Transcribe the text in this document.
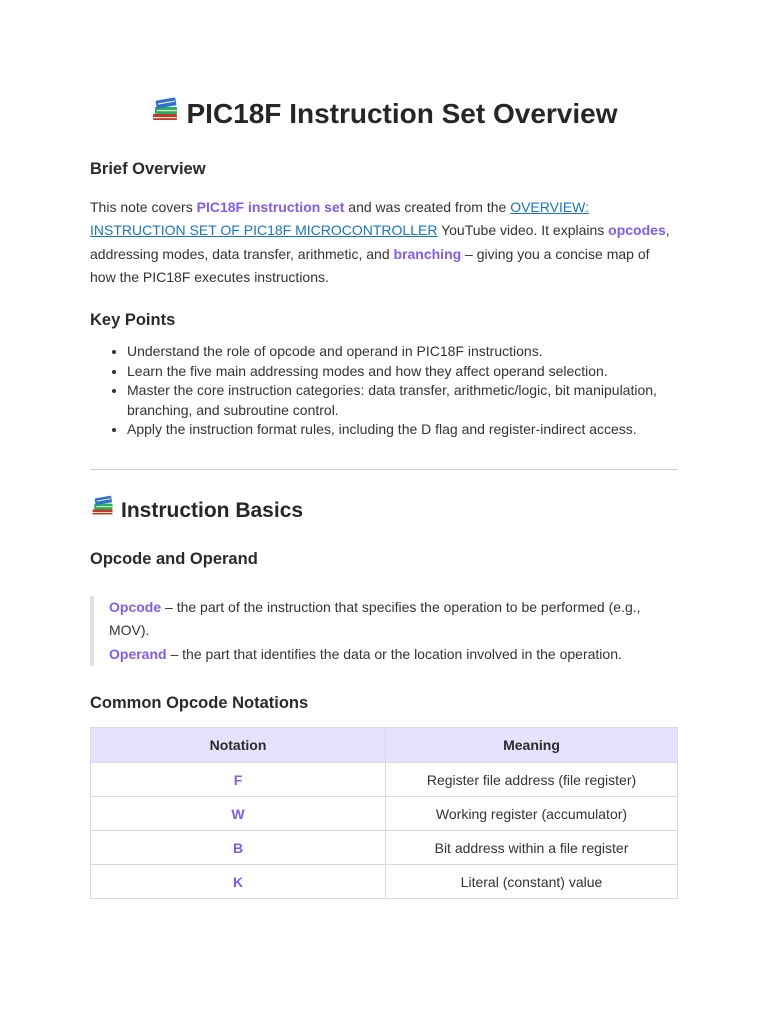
PIC18F Instruction Set Overview
Brief Overview
This note covers PIC18F instruction set and was created from the OVERVIEW: INSTRUCTION SET OF PIC18F MICROCONTROLLER YouTube video. It explains opcodes, addressing modes, data transfer, arithmetic, and branching – giving you a concise map of how the PIC18F executes instructions.
Key Points
• Understand the role of opcode and operand in PIC18F instructions.
• Learn the five main addressing modes and how they affect operand selection.
• Master the core instruction categories: data transfer, arithmetic/logic, bit manipulation, branching, and subroutine control.
• Apply the instruction format rules, including the D flag and register-indirect access.
Instruction Basics
Opcode and Operand

Opcode – the part of the instruction that specifies the operation to be performed (e.g., MOV).

Operand – the part that identifies the data or the location involved in the operation.

Common Opcode Notations
Notation	Meaning
F	Register file address (file register)
W	Working register (accumulator)
B	Bit address within a file register
K	Literal (constant) value
